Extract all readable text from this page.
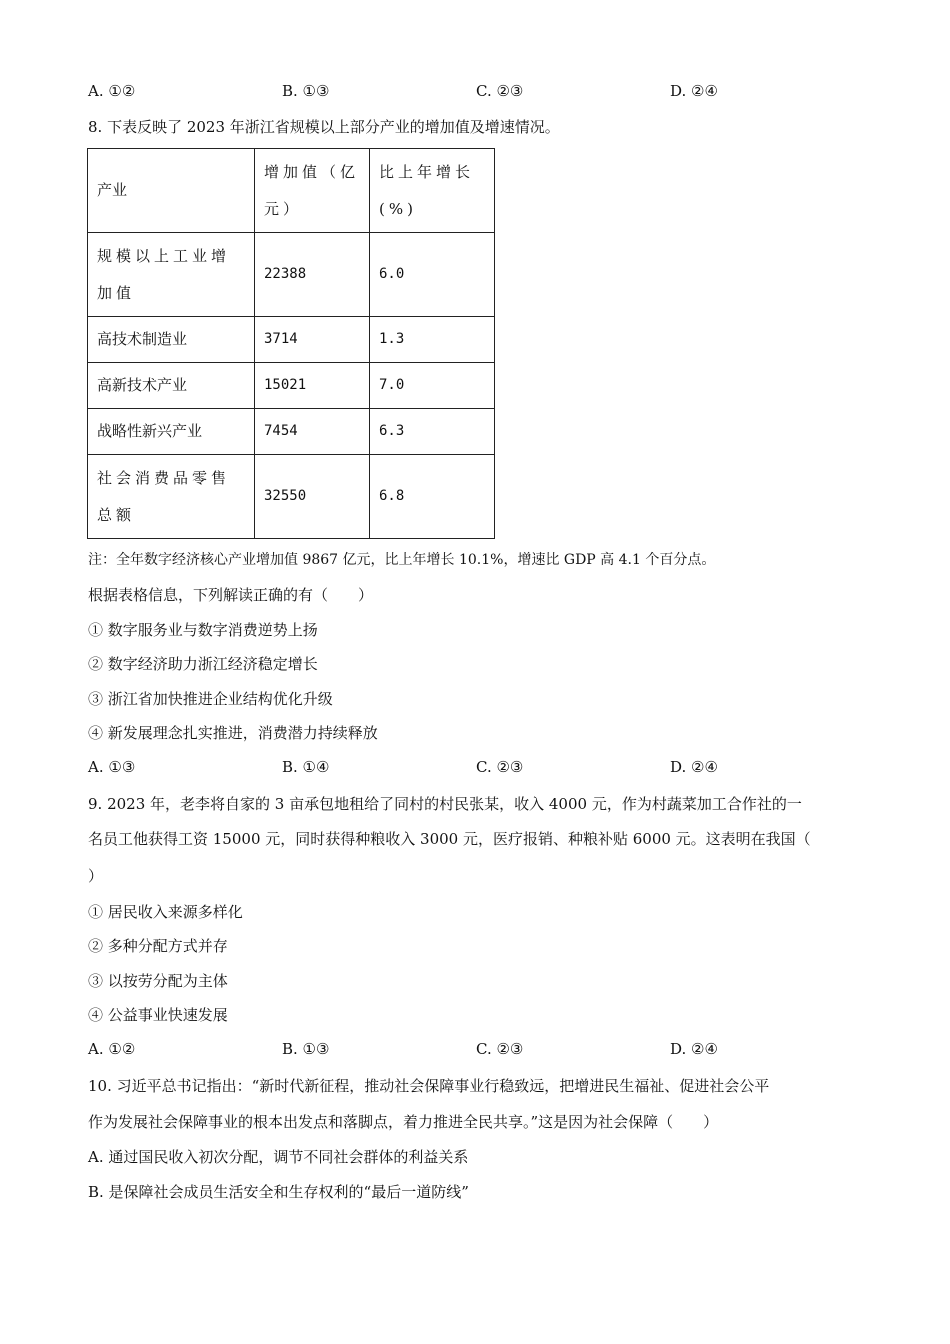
A. ①②	B. ①③	C. ②③	D. ②④
8. 下表反映了 2023 年浙江省规模以上部分产业的增加值及增速情况。
产业	增加值（亿元）	比上年增长(%)
规模以上工业增加值	22388	6.0
高技术制造业	3714	1.3
高新技术产业	15021	7.0
战略性新兴产业	7454	6.3
社会消费品零售总额	32550	6.8
注：全年数字经济核心产业增加值 9867 亿元，比上年增长 10.1%，增速比 GDP 高 4.1 个百分点。
根据表格信息，下列解读正确的有（　　）
① 数字服务业与数字消费逆势上扬
② 数字经济助力浙江经济稳定增长
③ 浙江省加快推进企业结构优化升级
④ 新发展理念扎实推进，消费潜力持续释放
A. ①③	B. ①④	C. ②③	D. ②④
9. 2023 年，老李将自家的 3 亩承包地租给了同村的村民张某，收入 4000 元，作为村蔬菜加工合作社的一
名员工他获得工资 15000 元，同时获得种粮收入 3000 元，医疗报销、种粮补贴 6000 元。这表明在我国（
）
① 居民收入来源多样化
② 多种分配方式并存
③ 以按劳分配为主体
④ 公益事业快速发展
A. ①②	B. ①③	C. ②③	D. ②④
10. 习近平总书记指出：“新时代新征程，推动社会保障事业行稳致远，把增进民生福祉、促进社会公平
作为发展社会保障事业的根本出发点和落脚点，着力推进全民共享。”这是因为社会保障（　　）
A. 通过国民收入初次分配，调节不同社会群体的利益关系
B. 是保障社会成员生活安全和生存权利的“最后一道防线”
